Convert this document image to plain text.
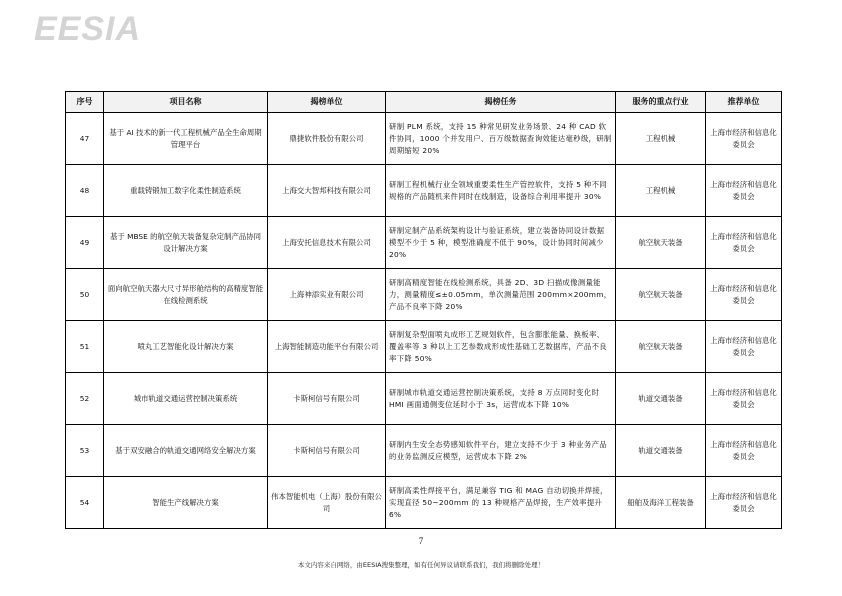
EESIA
序号	项目名称	揭榜单位	揭榜任务	服务的重点行业	推荐单位
47	基于 AI 技术的新一代工程机械产品全生命周期管理平台	鼎捷软件股份有限公司	研制 PLM 系统，支持 15 种常见研发业务场景、24 种 CAD 软件协同，1000 个并发用户、百万级数据查询效能达毫秒级，研制周期缩短 20%	工程机械	上海市经济和信息化委员会
48	重载铸锻加工数字化柔性制造系统	上海交大智邦科技有限公司	研制工程机械行业全领域重要柔性生产管控软件，支持 5 种不同规格的产品随机来件同时在线制造，设备综合利用率提升 30%	工程机械	上海市经济和信息化委员会
49	基于 MBSE 的航空航天装备复杂定制产品协同设计解决方案	上海安托信息技术有限公司	研制定制产品系统架构设计与验证系统，建立装备协同设计数据模型不少于 5 种，模型准确度不低于 90%，设计协同时间减少 20%	航空航天装备	上海市经济和信息化委员会
50	面向航空航天器大尺寸异形舱结构的高精度智能在线检测系统	上海神添实业有限公司	研制高精度智能在线检测系统，具备 2D、3D 扫描成像测量能力，测量精度≤±0.05mm，单次测量范围 200mm×200mm，产品不良率下降 20%	航空航天装备	上海市经济和信息化委员会
51	喷丸工艺智能化设计解决方案	上海智能制造功能平台有限公司	研制复杂型面喷丸成形工艺规划软件，包含膨胀能量、换板率、覆盖率等 3 种以上工艺参数成形成性基础工艺数据库，产品不良率下降 50%	航空航天装备	上海市经济和信息化委员会
52	城市轨道交通运营控制决策系统	卡斯柯信号有限公司	研制城市轨道交通运营控制决策系统，支持 8 万点同时变化时 HMI 画面通侧变位延时小于 3s，运营成本下降 10%	轨道交通装备	上海市经济和信息化委员会
53	基于双安融合的轨道交通网络安全解决方案	卡斯柯信号有限公司	研制内生安全态势感知软件平台，建立支持不少于 3 种业务产品的业务监测反应模型，运营成本下降 2%	轨道交通装备	上海市经济和信息化委员会
54	智能生产线解决方案	伟本智能机电（上海）股份有限公司	研制高柔性焊接平台，满足兼容 TIG 和 MAG 自动切换并焊接，实现直径 50~200mm 的 13 种规格产品焊接，生产效率提升 6%	船舶及海洋工程装备	上海市经济和信息化委员会
7
本文内容来自网络，由EESIA搜集整理，如有任何异议请联系我们，我们将删除处理！
